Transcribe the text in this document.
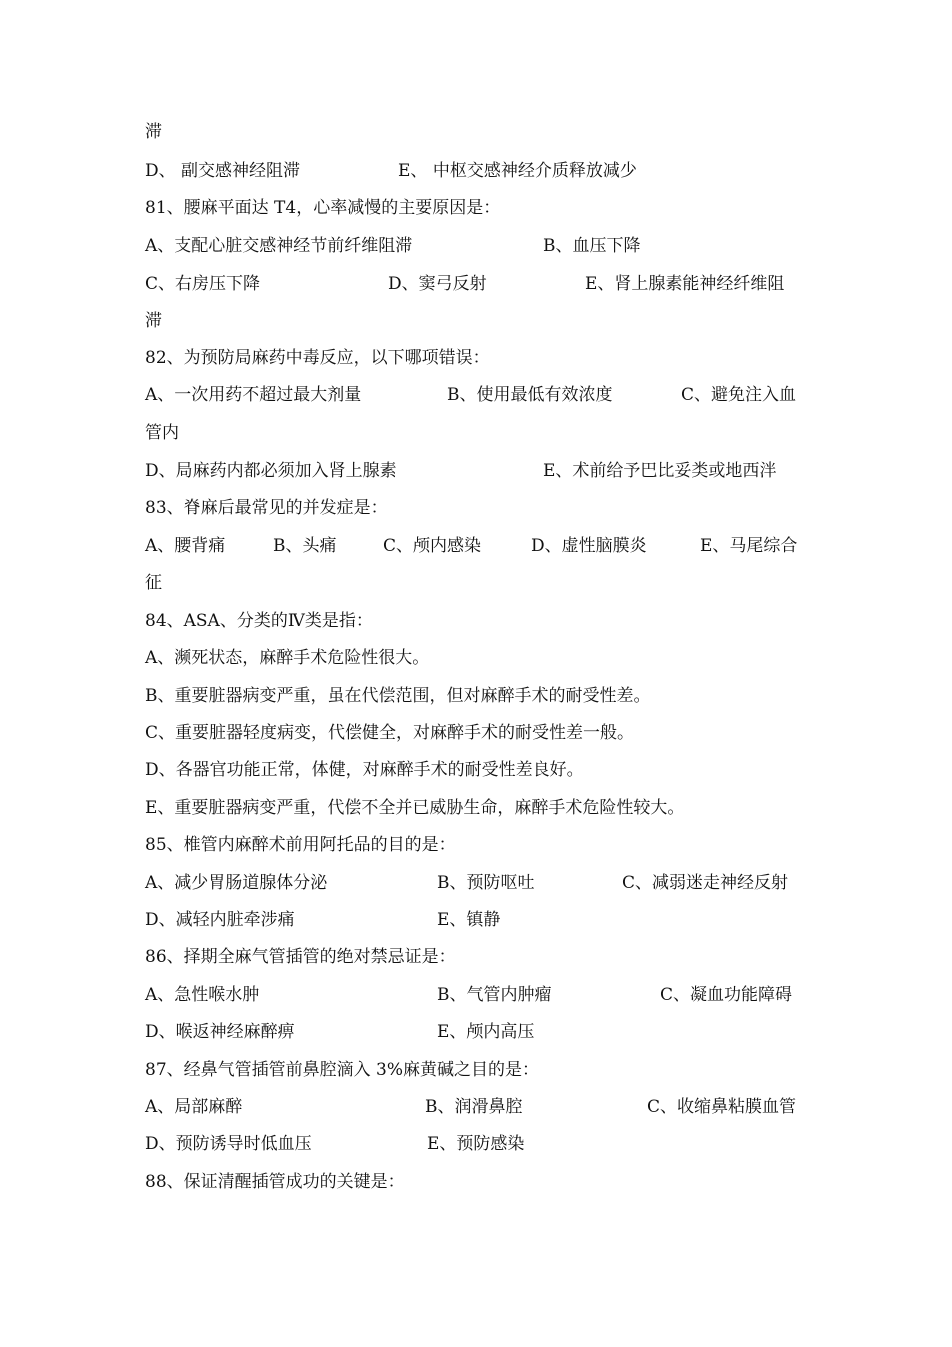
滞
D、 副交感神经阻滞	E、 中枢交感神经介质释放减少
81、腰麻平面达 T4，心率减慢的主要原因是：
A、支配心脏交感神经节前纤维阻滞	B、血压下降
C、右房压下降	D、窦弓反射	E、肾上腺素能神经纤维阻
滞
82、为预防局麻药中毒反应，以下哪项错误：
A、一次用药不超过最大剂量	B、使用最低有效浓度	C、避免注入血
管内
D、局麻药内都必须加入肾上腺素	E、术前给予巴比妥类或地西泮
83、脊麻后最常见的并发症是：
A、腰背痛	B、头痛	C、颅内感染	D、虚性脑膜炎	E、马尾综合
征
84、ASA、分类的Ⅳ类是指：
A、濒死状态，麻醉手术危险性很大。
B、重要脏器病变严重，虽在代偿范围，但对麻醉手术的耐受性差。
C、重要脏器轻度病变，代偿健全，对麻醉手术的耐受性差一般。
D、各器官功能正常，体健，对麻醉手术的耐受性差良好。
E、重要脏器病变严重，代偿不全并已威胁生命，麻醉手术危险性较大。
85、椎管内麻醉术前用阿托品的目的是：
A、减少胃肠道腺体分泌	B、预防呕吐	C、减弱迷走神经反射
D、减轻内脏牵涉痛	E、镇静
86、择期全麻气管插管的绝对禁忌证是：
A、急性喉水肿	B、气管内肿瘤	C、凝血功能障碍
D、喉返神经麻醉痹	E、颅内高压
87、经鼻气管插管前鼻腔滴入 3%麻黄碱之目的是：
A、局部麻醉	B、润滑鼻腔	C、收缩鼻粘膜血管
D、预防诱导时低血压	E、预防感染
88、保证清醒插管成功的关键是：
